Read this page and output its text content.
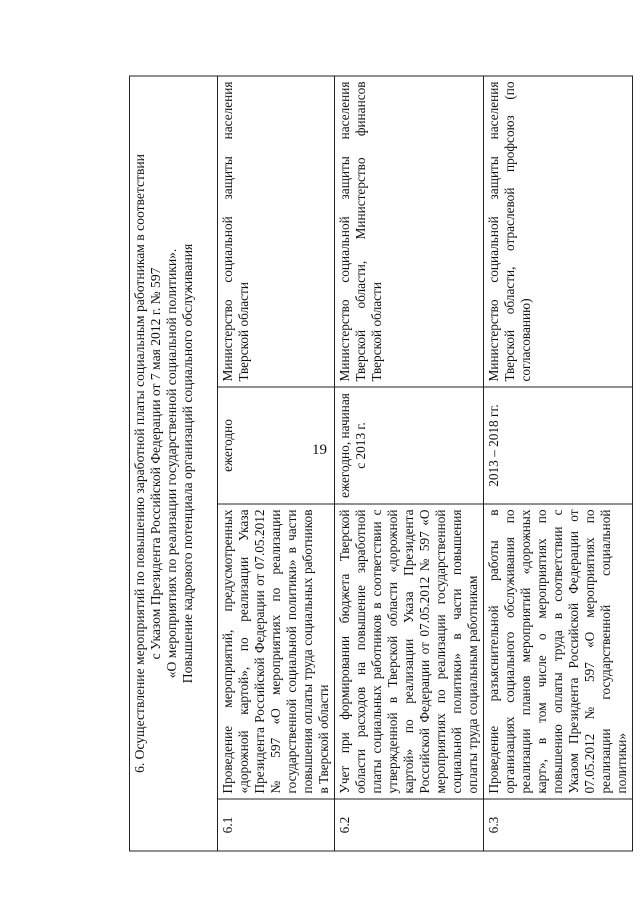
19
6. Осуществление мероприятий по повышению заработной платы социальным работникам в соответствии с Указом Президента Российской Федерации от 7 мая 2012 г. № 597 «О мероприятиях по реализации государственной социальной политики». Повышение кадрового потенциала организаций социального обслуживания			

6.1	Проведение мероприятий, предусмотренных «дорожной картой», по реализации Указа Президента Российской Федерации от 07.05.2012 № 597 «О мероприятиях по реализации государственной социальной политики» в части повышения оплаты труда социальных работников в Тверской области	ежегодно	Министерство социальной защиты населения Тверской области
6.2	Учет при формировании бюджета Тверской области расходов на повышение заработной платы социальных работников в соответствии с утвержденной в Тверской области «дорожной картой» по реализации Указа Президента Российской Федерации от 07.05.2012 № 597 «О мероприятиях по реализации государственной социальной политики» в части повышения оплаты труда социальным работникам	ежегодно, начиная с 2013 г.	Министерство социальной защиты населения Тверской области, Министерство финансов Тверской области
6.3	Проведение разъяснительной работы в организациях социального обслуживания по реализации планов мероприятий «дорожных карт», в том числе о мероприятиях по повышению оплаты труда в соответствии с Указом Президента Российской Федерации от 07.05.2012 № 597 «О мероприятиях по реализации государственной социальной политики»	2013 – 2018 гг.	Министерство социальной защиты населения Тверской области, отраслевой профсоюз (по согласованию)
